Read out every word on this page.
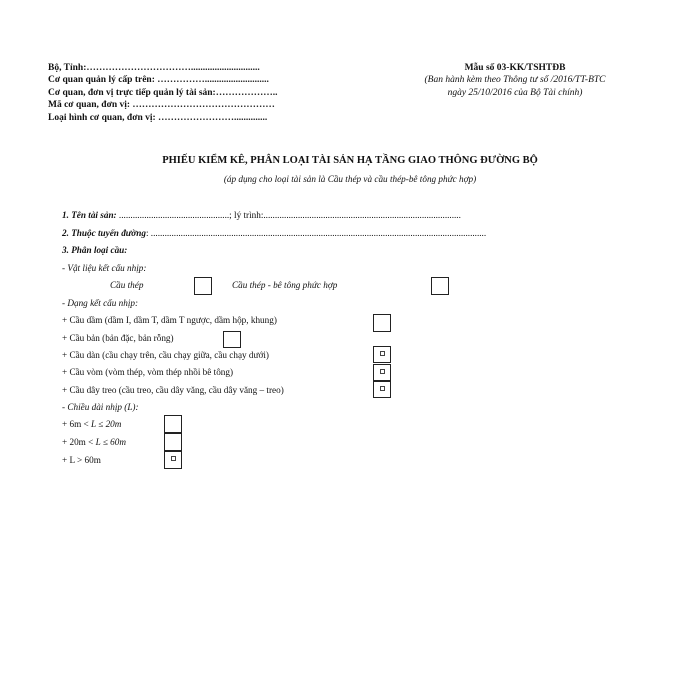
Bộ, Tỉnh:…………………………….............................
Cơ quan quản lý cấp trên: ……………...........................
Cơ quan, đơn vị trực tiếp quản lý tài sản:………………..
Mã cơ quan, đơn vị: ………………………………………
Loại hình cơ quan, đơn vị: ……………………..............
Mẫu số 03-KK/TSHTĐB
(Ban hành kèm theo Thông tư số /2016/TT-BTC
ngày 25/10/2016 của Bộ Tài chính)
PHIẾU KIỂM KÊ, PHÂN LOẠI TÀI SẢN HẠ TẦNG GIAO THÔNG ĐƯỜNG BỘ
(áp dụng cho loại tài sản là Cầu thép và cầu thép-bê tông phức hợp)
1. Tên tài sản: ................................................; lý trình:......................................................................................
2. Thuộc tuyến đường: ..................................................................................................................................................
3. Phân loại cầu:
- Vật liệu kết cấu nhịp:
Cầu thép	Cầu thép - bê tông phức hợp
- Dạng kết cấu nhịp:
+ Cầu dầm (dầm I, dầm T, dầm T ngược, dầm hộp, khung)
+ Cầu bản (bản đặc, bản rỗng)
+ Cầu dàn (cầu chạy trên, cầu chạy giữa, cầu chạy dưới)
+ Cầu vòm (vòm thép, vòm thép nhồi bê tông)
+ Cầu dây treo (cầu treo, cầu dây văng, cầu dây văng – treo)
- Chiều dài nhịp (L):
+ 6m < L ≤ 20m
+ 20m < L ≤ 60m
+ L > 60m
